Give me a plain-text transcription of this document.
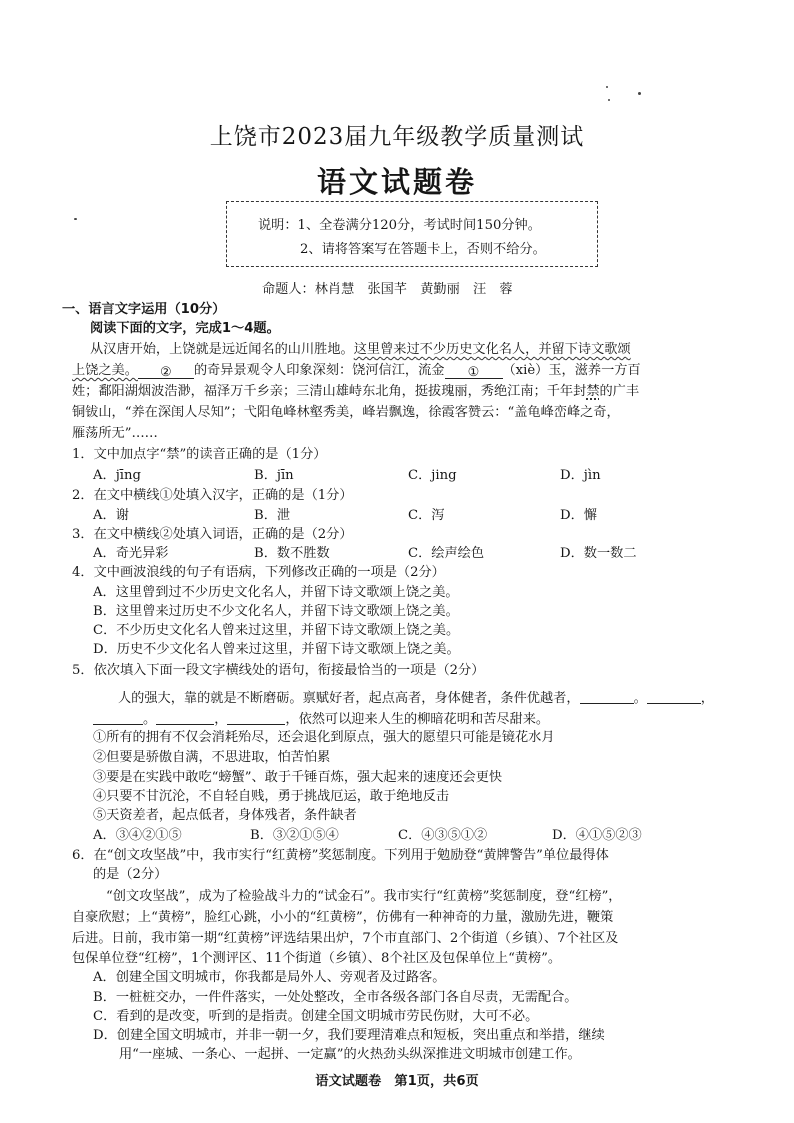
上饶市2023届九年级教学质量测试
语文试题卷
说明：1、全卷满分120分，考试时间150分钟。
2、请将答案写在答题卡上，否则不给分。
命题人：林肖慧　张国芊　黄勤丽　汪　蓉
一、语言文字运用（10分）
阅读下面的文字，完成1～4题。
从汉唐开始，上饶就是远近闻名的山川胜地。这里曾来过不少历史文化名人，并留下诗文歌颂
上饶之美。 ② 的奇异景观令人印象深刻：饶河信江，流金 ① （xiè）玉，滋养一方百
姓；鄱阳湖烟波浩渺，福泽万千乡亲；三清山雄峙东北角，挺拔瑰丽，秀绝江南；千年封禁的广丰
铜钹山，“养在深闺人尽知”；弋阳龟峰林壑秀美，峰岩飘逸，徐霞客赞云：“盖龟峰峦峰之奇，
雁荡所无”……
1．文中加点字“禁”的读音正确的是（1分）
A．jīng	B．jīn	C．jing	D．jìn
2．在文中横线①处填入汉字，正确的是（1分）
A．谢	B．泄	C．泻	D．懈
3．在文中横线②处填入词语，正确的是（2分）
A．奇光异彩	B．数不胜数	C．绘声绘色	D．数一数二
4．文中画波浪线的句子有语病，下列修改正确的一项是（2分）
A．这里曾到过不少历史文化名人，并留下诗文歌颂上饶之美。
B．这里曾来过历史不少文化名人，并留下诗文歌颂上饶之美。
C．不少历史文化名人曾来过这里，并留下诗文歌颂上饶之美。
D．历史不少文化名人曾来过这里，并留下诗文歌颂上饶之美。
5．依次填入下面一段文字横线处的语句，衔接最恰当的一项是（2分）
人的强大，靠的就是不断磨砺。禀赋好者，起点高者，身体健者，条件优越者，	。	，
。	，	，依然可以迎来人生的柳暗花明和苦尽甜来。
①所有的拥有不仅会消耗殆尽，还会退化到原点，强大的愿望只可能是镜花水月
②但要是骄傲自满，不思进取，怕苦怕累
③要是在实践中敢吃“螃蟹”、敢于千锤百炼，强大起来的速度还会更快
④只要不甘沉沦，不自轻自贱，勇于挑战厄运，敢于绝地反击
⑤天资差者，起点低者，身体残者，条件缺者
A．③④②①⑤	B．③②①⑤④	C．④③⑤①②	D．④①⑤②③
6．在“创文攻坚战”中，我市实行“红黄榜”奖惩制度。下列用于勉励登“黄牌警告”单位最得体
的是（2分）
“创文攻坚战”，成为了检验战斗力的“试金石”。我市实行“红黄榜”奖惩制度，登“红榜”，
自豪欣慰；上“黄榜”，脸红心跳，小小的“红黄榜”，仿佛有一种神奇的力量，激励先进，鞭策
后进。日前，我市第一期“红黄榜”评选结果出炉，7个市直部门、2个街道（乡镇）、7个社区及
包保单位登“红榜”，1个测评区、11个街道（乡镇）、8个社区及包保单位上“黄榜”。
A．创建全国文明城市，你我都是局外人、旁观者及过路客。
B．一桩桩交办，一件件落实，一处处整改，全市各级各部门各自尽责，无需配合。
C．看到的是改变，听到的是指责。创建全国文明城市劳民伤财，大可不必。
D．创建全国文明城市，并非一朝一夕，我们要理清难点和短板，突出重点和举措，继续
用“一座城、一条心、一起拼、一定赢”的火热劲头纵深推进文明城市创建工作。
语文试题卷　第1页，共6页
